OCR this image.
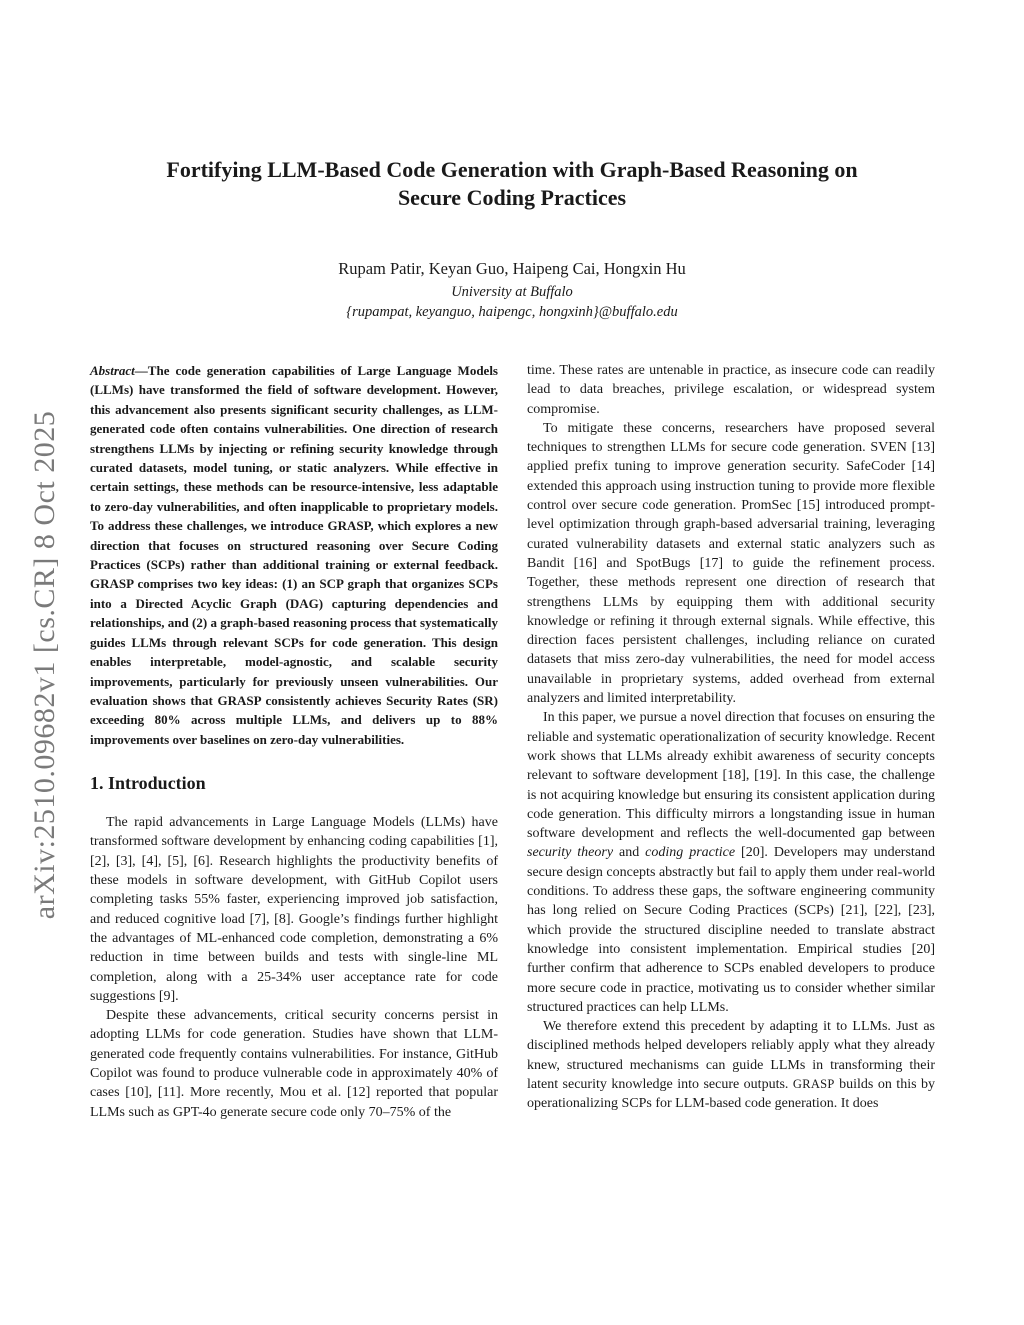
arXiv:2510.09682v1 [cs.CR] 8 Oct 2025
Fortifying LLM-Based Code Generation with Graph-Based Reasoning on
Secure Coding Practices
Rupam Patir, Keyan Guo, Haipeng Cai, Hongxin Hu
University at Buffalo
{rupampat, keyanguo, haipengc, hongxinh}@buffalo.edu

Abstract—The code generation capabilities of Large Language Models (LLMs) have transformed the field of software development. However, this advancement also presents significant security challenges, as LLM-generated code often contains vulnerabilities. One direction of research strengthens LLMs by injecting or refining security knowledge through curated datasets, model tuning, or static analyzers. While effective in certain settings, these methods can be resource-intensive, less adaptable to zero-day vulnerabilities, and often inapplicable to proprietary models. To address these challenges, we introduce GRASP, which explores a new direction that focuses on structured reasoning over Secure Coding Practices (SCPs) rather than additional training or external feedback. GRASP comprises two key ideas: (1) an SCP graph that organizes SCPs into a Directed Acyclic Graph (DAG) capturing dependencies and relationships, and (2) a graph-based reasoning process that systematically guides LLMs through relevant SCPs for code generation. This design enables interpretable, model-agnostic, and scalable security improvements, particularly for previously unseen vulnerabilities. Our evaluation shows that GRASP consistently achieves Security Rates (SR) exceeding 80% across multiple LLMs, and delivers up to 88% improvements over baselines on zero-day vulnerabilities.

1. Introduction

The rapid advancements in Large Language Models (LLMs) have transformed software development by enhancing coding capabilities [1], [2], [3], [4], [5], [6]. Research highlights the productivity benefits of these models in software development, with GitHub Copilot users completing tasks 55% faster, experiencing improved job satisfaction, and reduced cognitive load [7], [8]. Google’s findings further highlight the advantages of ML-enhanced code completion, demonstrating a 6% reduction in time between builds and tests with single-line ML completion, along with a 25-34% user acceptance rate for code suggestions [9].

Despite these advancements, critical security concerns persist in adopting LLMs for code generation. Studies have shown that LLM-generated code frequently contains vulnerabilities. For instance, GitHub Copilot was found to produce vulnerable code in approximately 40% of cases [10], [11]. More recently, Mou et al. [12] reported that popular LLMs such as GPT-4o generate secure code only 70–75% of the

time. These rates are untenable in practice, as insecure code can readily lead to data breaches, privilege escalation, or widespread system compromise.

To mitigate these concerns, researchers have proposed several techniques to strengthen LLMs for secure code generation. SVEN [13] applied prefix tuning to improve generation security. SafeCoder [14] extended this approach using instruction tuning to provide more flexible control over secure code generation. PromSec [15] introduced prompt-level optimization through graph-based adversarial training, leveraging curated vulnerability datasets and external static analyzers such as Bandit [16] and SpotBugs [17] to guide the refinement process. Together, these methods represent one direction of research that strengthens LLMs by equipping them with additional security knowledge or refining it through external signals. While effective, this direction faces persistent challenges, including reliance on curated datasets that miss zero-day vulnerabilities, the need for model access unavailable in proprietary systems, added overhead from external analyzers and limited interpretability.

In this paper, we pursue a novel direction that focuses on ensuring the reliable and systematic operationalization of security knowledge. Recent work shows that LLMs already exhibit awareness of security concepts relevant to software development [18], [19]. In this case, the challenge is not acquiring knowledge but ensuring its consistent application during code generation. This difficulty mirrors a longstanding issue in human software development and reflects the well-documented gap between security theory and coding practice [20]. Developers may understand secure design concepts abstractly but fail to apply them under real-world conditions. To address these gaps, the software engineering community has long relied on Secure Coding Practices (SCPs) [21], [22], [23], which provide the structured discipline needed to translate abstract knowledge into consistent implementation. Empirical studies [20] further confirm that adherence to SCPs enabled developers to produce more secure code in practice, motivating us to consider whether similar structured practices can help LLMs.

We therefore extend this precedent by adapting it to LLMs. Just as disciplined methods helped developers reliably apply what they already knew, structured mechanisms can guide LLMs in transforming their latent security knowledge into secure outputs. GRASP builds on this by operationalizing SCPs for LLM-based code generation. It does
